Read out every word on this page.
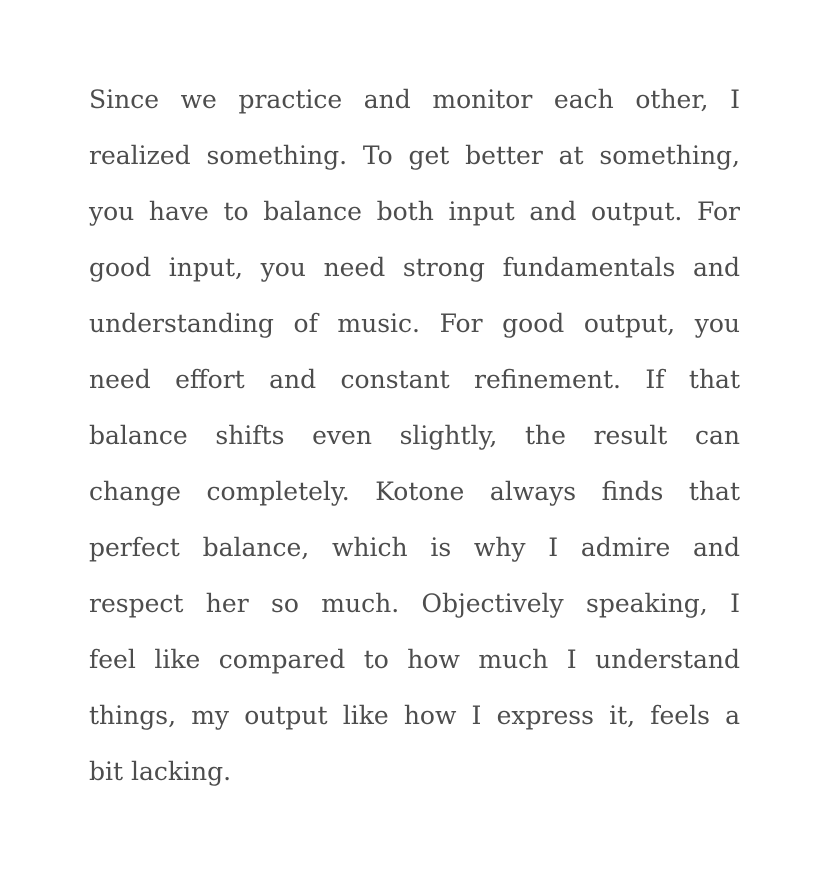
Since we practice and monitor each other, I
realized something. To get better at something,
you have to balance both input and output. For
good input, you need strong fundamentals and
understanding of music. For good output, you
need effort and constant refinement. If that
balance shifts even slightly, the result can
change completely. Kotone always finds that
perfect balance, which is why I admire and
respect her so much. Objectively speaking, I
feel like compared to how much I understand
things, my output like how I express it, feels a
bit lacking.
